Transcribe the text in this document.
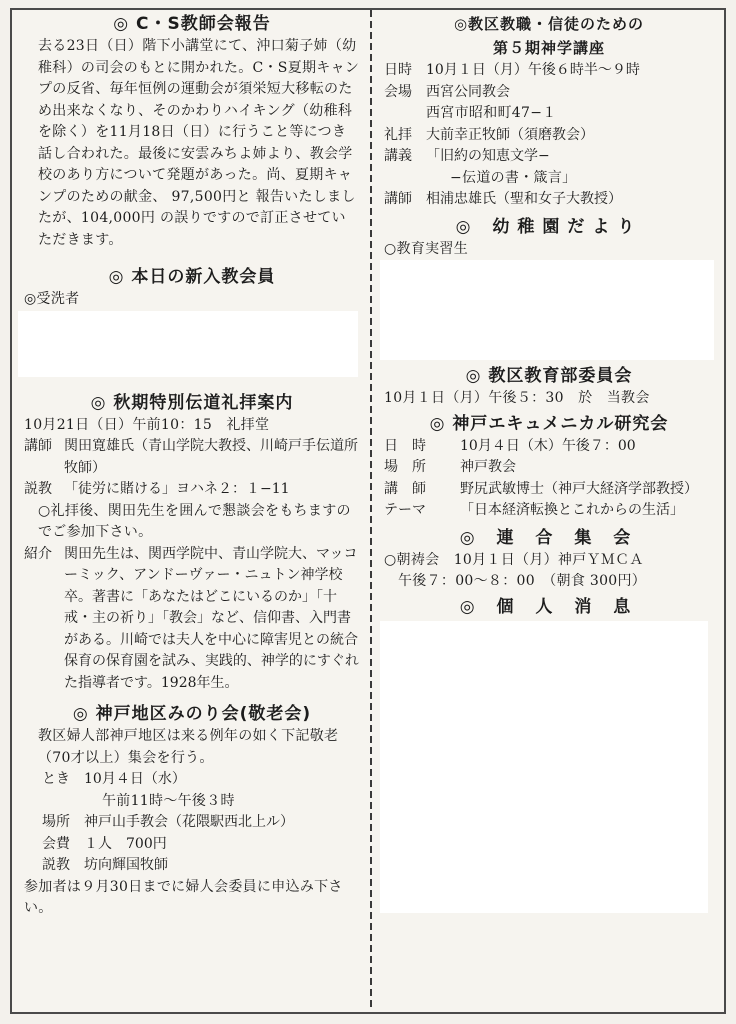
◎ C・S教師会報告

去る23日（日）階下小講堂にて、沖口菊子姉（幼稚科）の司会のもとに開かれた。C・S夏期キャンプの反省、毎年恒例の運動会が須栄短大移転のため出来なくなり、そのかわりハイキング（幼稚科を除く）を11月18日（日）に行うこと等につき話し合われた。最後に安雲みちよ姉より、教会学校のあり方について発題があった。尚、夏期キャンプのための献金、 97,500円と 報告いたしましたが、104,000円 の誤りですので訂正させていただきます。

◎ 本日の新入教会員

◎受洗者

◎ 秋期特別伝道礼拝案内

10月21日（日）午前10：15　礼拝堂

講師 関田寛雄氏（青山学院大教授、川崎戸手伝道所牧師）
説教 「徒労に賭ける」ヨハネ２：１−11

○礼拝後、関田先生を囲んで懇談会をもちますのでご参加下さい。

紹介 関田先生は、関西学院中、青山学院大、マッコーミック、アンドーヴァー・ニュトン神学校卒。著書に「あなたはどこにいるのか」「十戒・主の祈り」「教会」など、信仰書、入門書がある。川崎では夫人を中心に障害児との統合保育の保育園を試み、実践的、神学的にすぐれた指導者です。1928年生。
◎ 神戸地区みのり会(敬老会)

教区婦人部神戸地区は来る例年の如く下記敬老（70才以上）集会を行う。

とき	10月４日（水）

午前11時〜午後３時

場所	神戸山手教会（花隈駅西北上ル）
会費	１人　700円
説教	坊向輝国牧師

参加者は９月30日までに婦人会委員に申込み下さい。

◎教区教職・信徒のための
第５期神学講座
日時	10月１日（月）午後６時半〜９時
会場	西宮公同教会

西宮市昭和町47−１

礼拝	大前幸正牧師（須磨教会）
講義	「旧約の知恵文学−

−伝道の書・箴言」

講師	相浦忠雄氏（聖和女子大教授）
◎ 幼稚園だより

○教育実習生

◎ 教区教育部委員会

10月１日（月）午後５：30　於　当教会

◎ 神戸エキュメニカル研究会
日　時	10月４日（木）午後７：00
場　所	神戸教会
講　師	野尻武敏博士（神戸大経済学部教授）
テーマ	「日本経済転換とこれからの生活」
◎ 連 合 集 会

○朝祷会　10月１日（月）神戸ＹＭＣＡ

午後７：00〜８：00　（朝食 300円）

◎ 個 人 消 息
